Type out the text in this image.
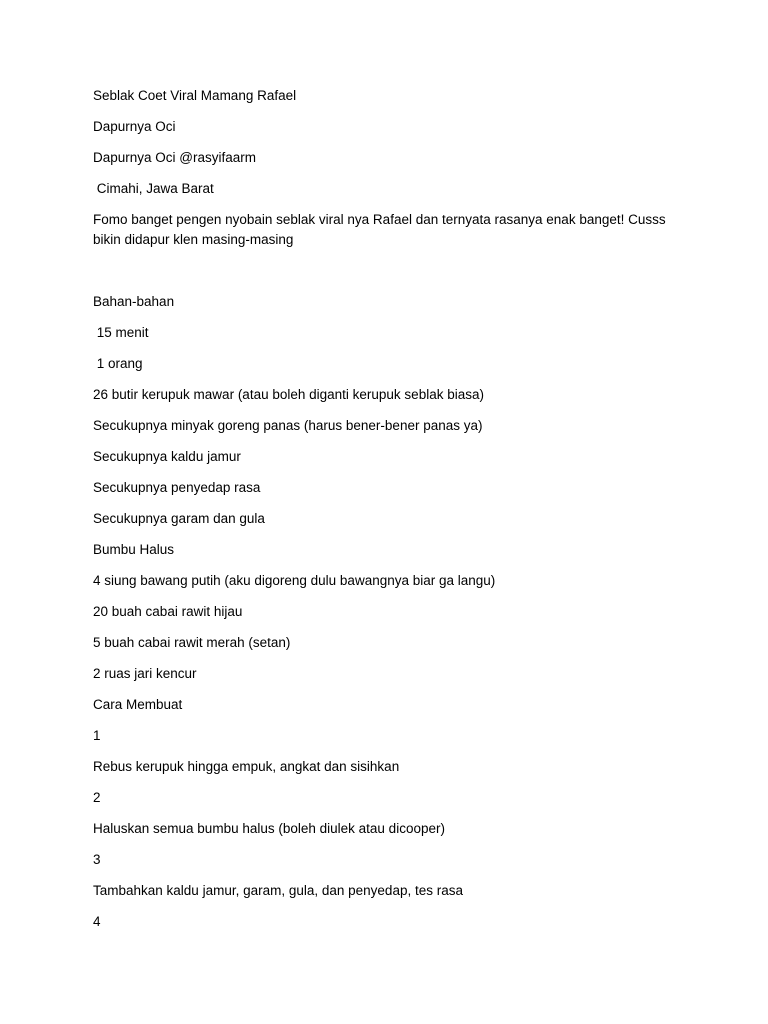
Seblak Coet Viral Mamang Rafael
Dapurnya Oci
Dapurnya Oci @rasyifaarm
Cimahi, Jawa Barat
Fomo banget pengen nyobain seblak viral nya Rafael dan ternyata rasanya enak banget! Cusss bikin didapur klen masing-masing
Bahan-bahan
15 menit
1 orang
26 butir kerupuk mawar (atau boleh diganti kerupuk seblak biasa)
Secukupnya minyak goreng panas (harus bener-bener panas ya)
Secukupnya kaldu jamur
Secukupnya penyedap rasa
Secukupnya garam dan gula
Bumbu Halus
4 siung bawang putih (aku digoreng dulu bawangnya biar ga langu)
20 buah cabai rawit hijau
5 buah cabai rawit merah (setan)
2 ruas jari kencur
Cara Membuat
1
Rebus kerupuk hingga empuk, angkat dan sisihkan
2
Haluskan semua bumbu halus (boleh diulek atau dicooper)
3
Tambahkan kaldu jamur, garam, gula, dan penyedap, tes rasa
4
